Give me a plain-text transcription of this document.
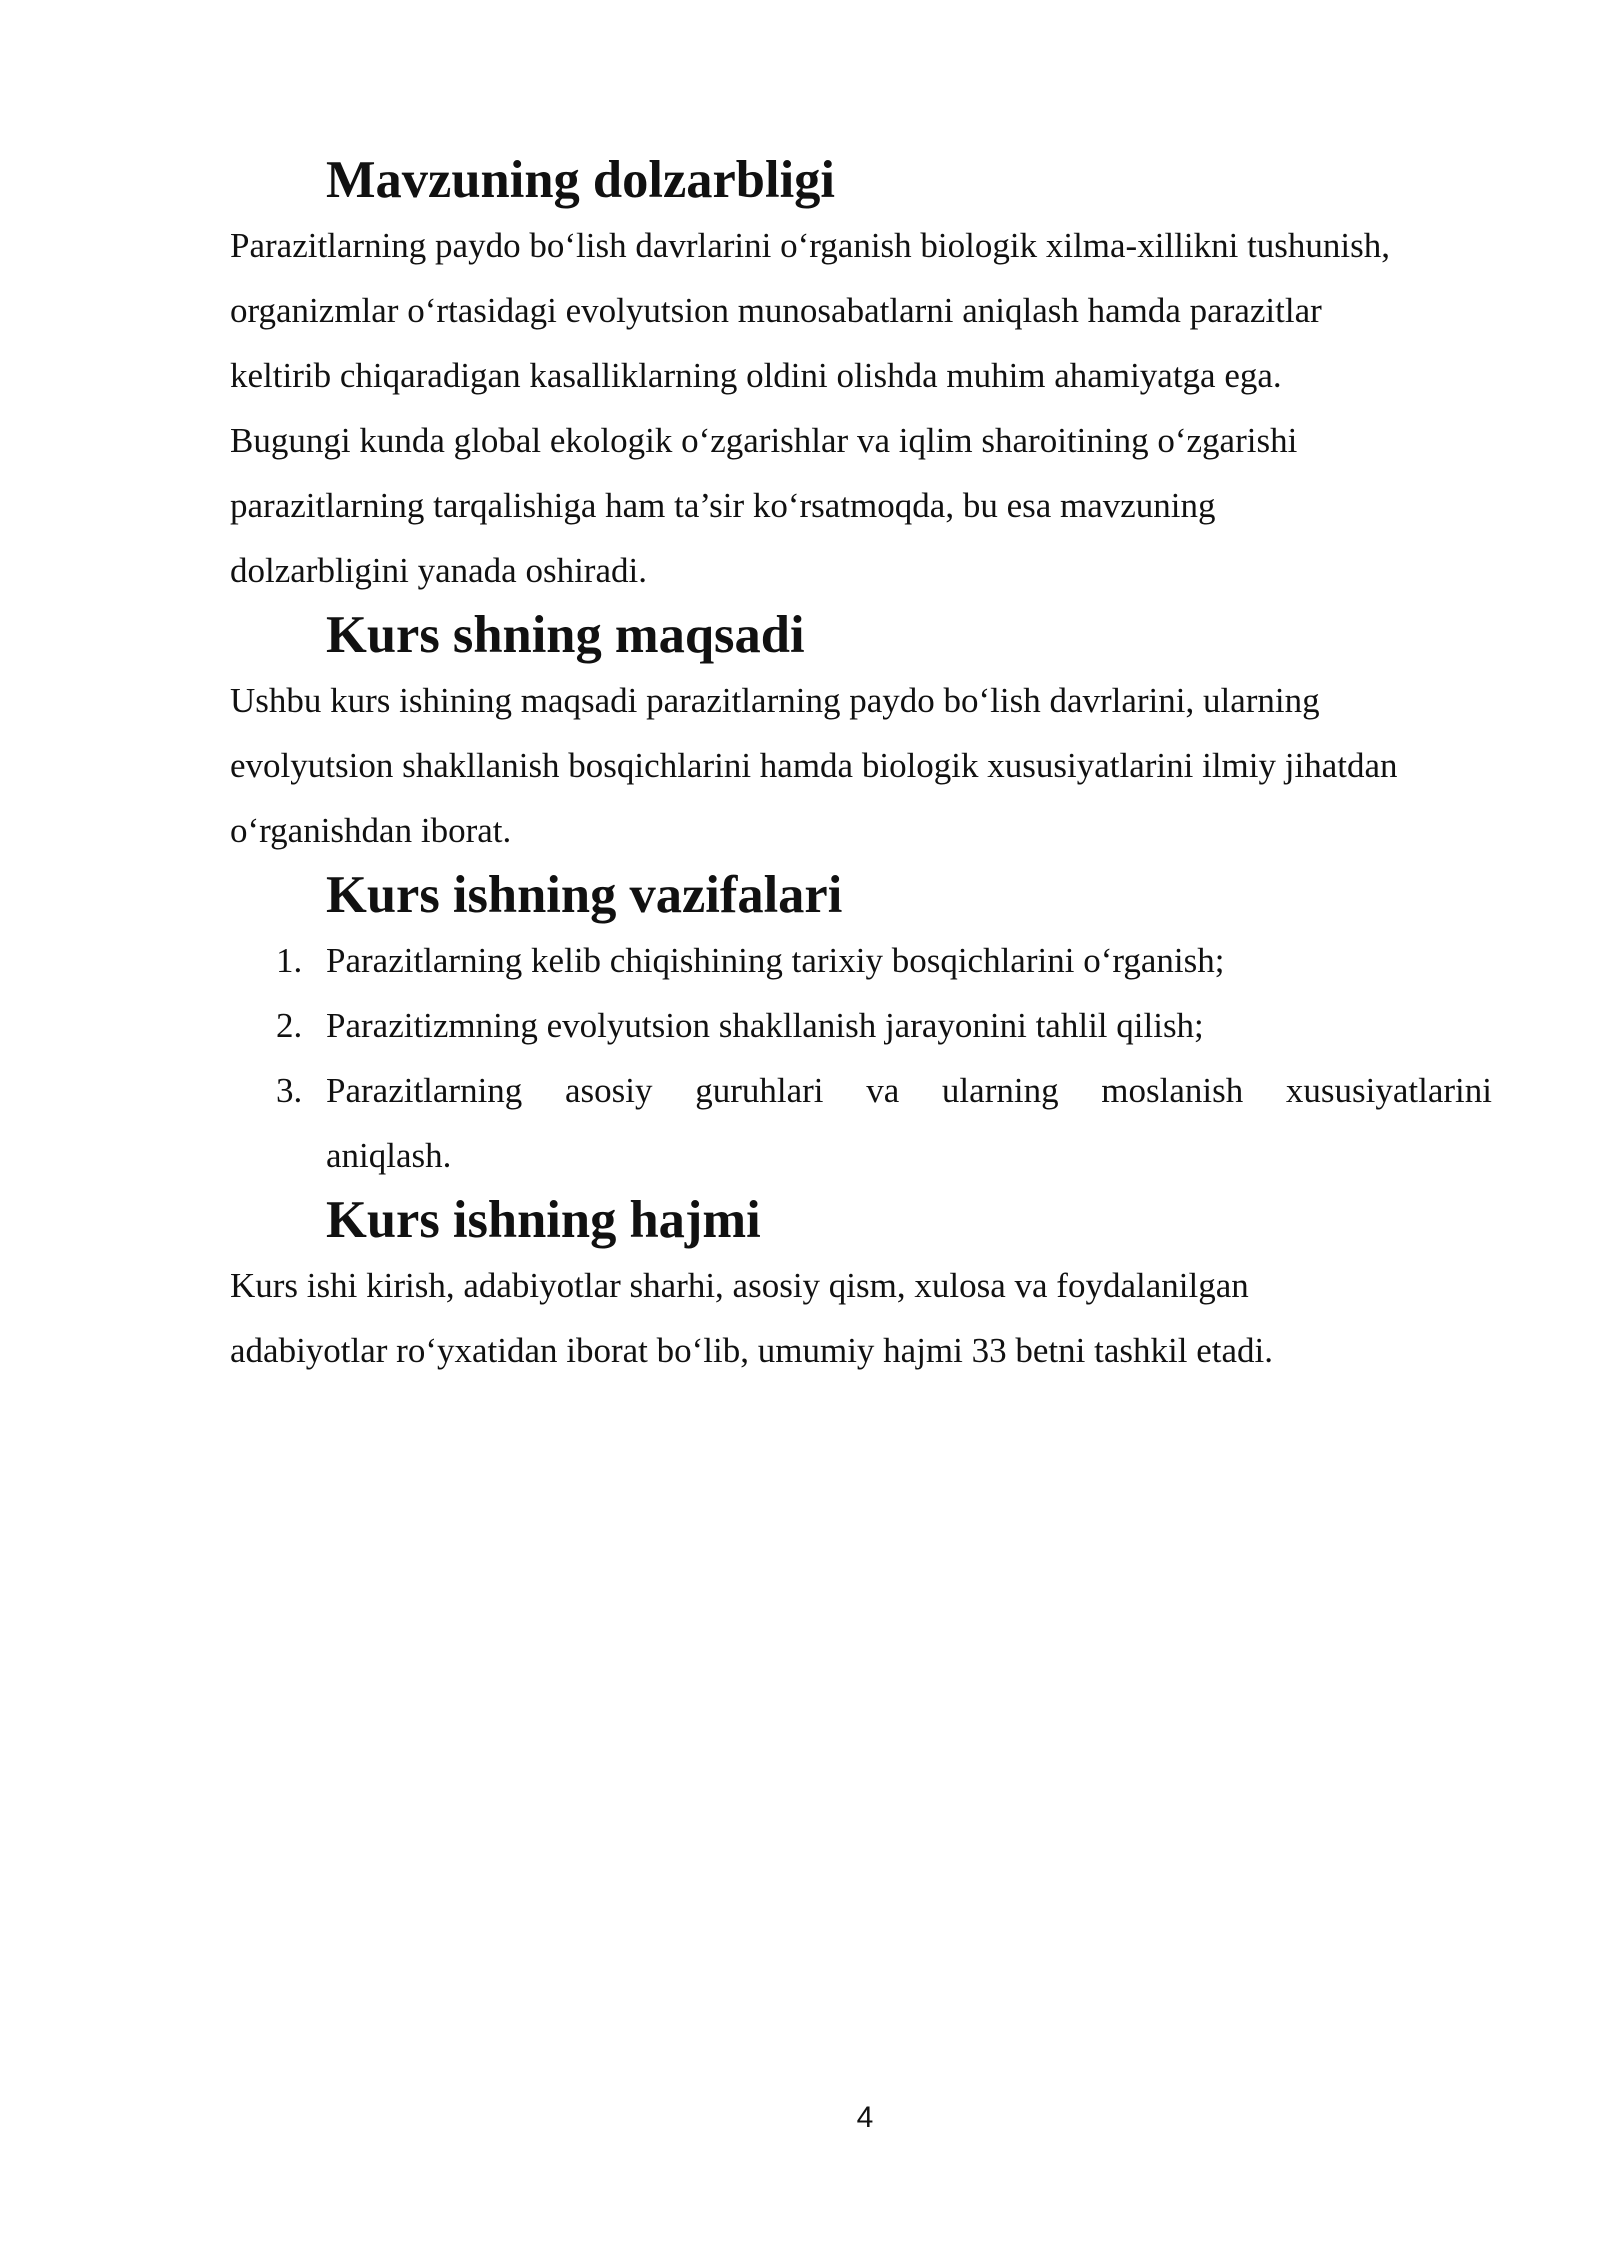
Mavzuning dolzarbligi
Parazitlarning paydo bo‘lish davrlarini o‘rganish biologik xilma-xillikni tushunish,
organizmlar o‘rtasidagi evolyutsion munosabatlarni aniqlash hamda parazitlar
keltirib chiqaradigan kasalliklarning oldini olishda muhim ahamiyatga ega.
Bugungi kunda global ekologik o‘zgarishlar va iqlim sharoitining o‘zgarishi
parazitlarning tarqalishiga ham ta’sir ko‘rsatmoqda, bu esa mavzuning
dolzarbligini yanada oshiradi.
Kurs shning maqsadi
Ushbu kurs ishining maqsadi parazitlarning paydo bo‘lish davrlarini, ularning
evolyutsion shakllanish bosqichlarini hamda biologik xususiyatlarini ilmiy jihatdan
o‘rganishdan iborat.
Kurs ishning vazifalari
1. Parazitlarning kelib chiqishining tarixiy bosqichlarini o‘rganish;
2. Parazitizmning evolyutsion shakllanish jarayonini tahlil qilish;
3. Parazitlarning asosiy guruhlari va ularning moslanish xususiyatlarini
aniqlash.
Kurs ishning hajmi
Kurs ishi kirish, adabiyotlar sharhi, asosiy qism, xulosa va foydalanilgan
adabiyotlar ro‘yxatidan iborat bo‘lib, umumiy hajmi 33 betni tashkil etadi.
4
